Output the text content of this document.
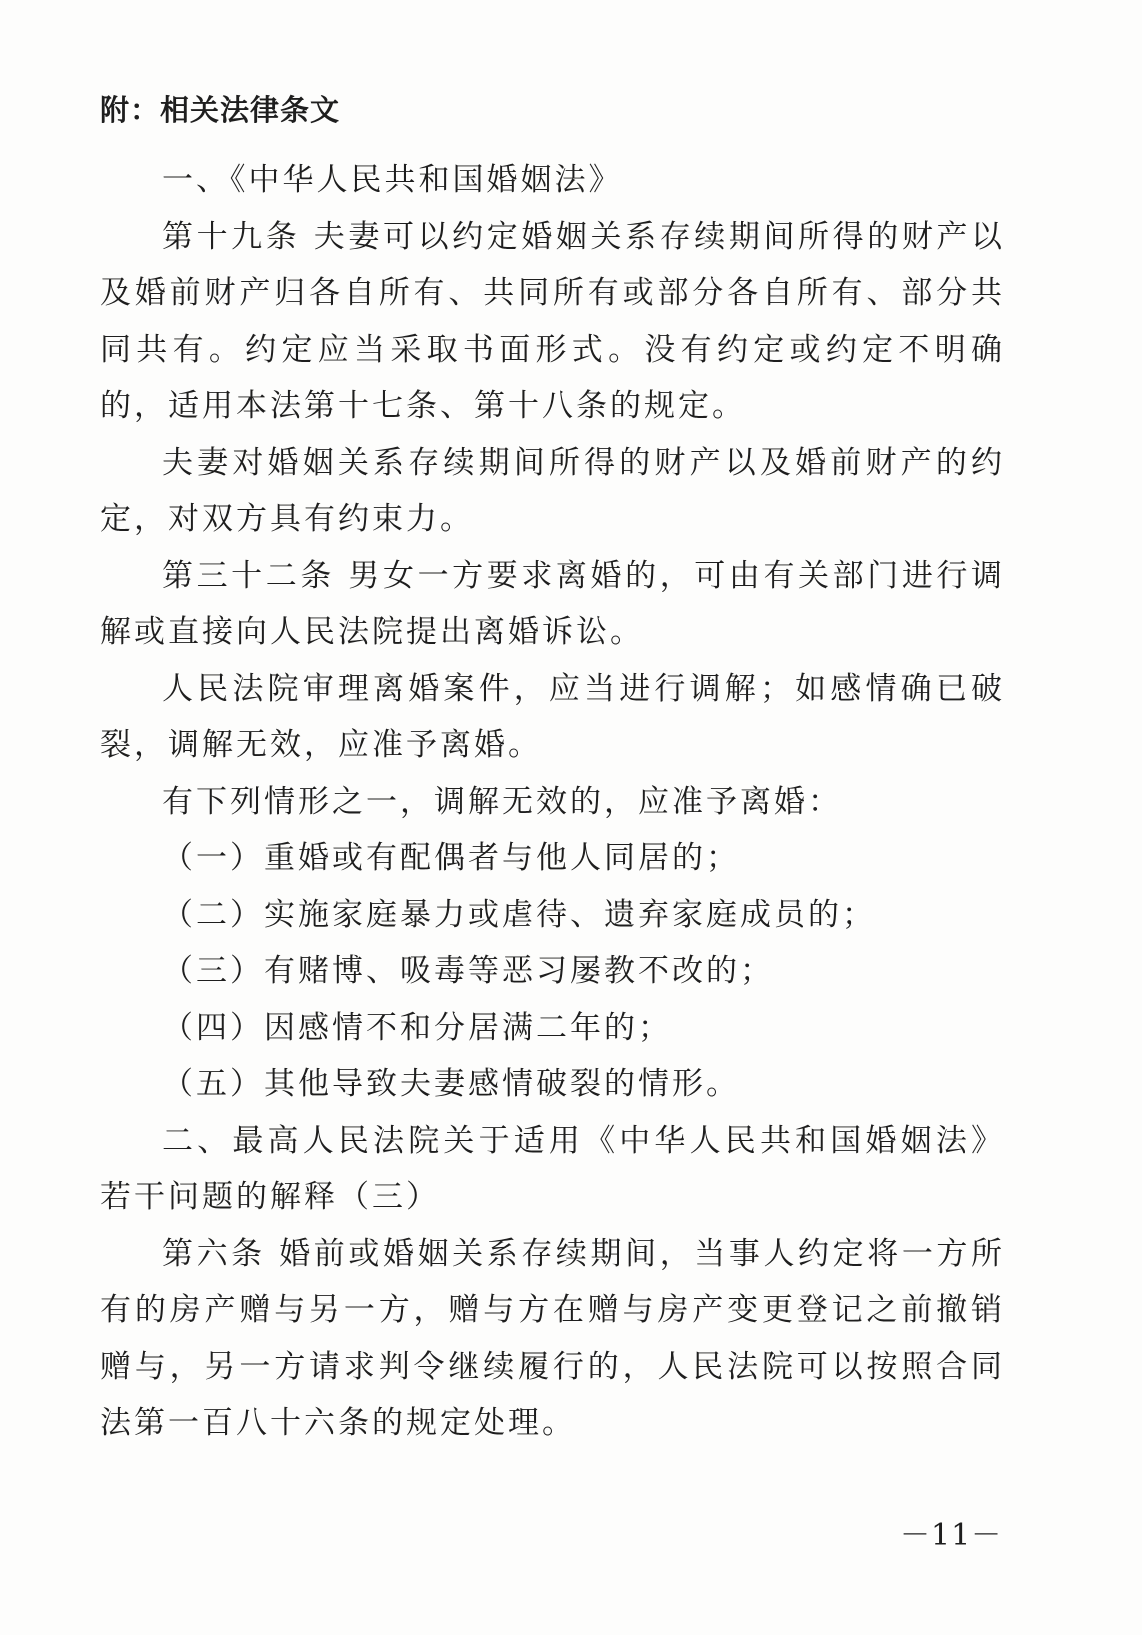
附：相关法律条文

一、《中华人民共和国婚姻法》

第十九条 夫妻可以约定婚姻关系存续期间所得的财产以及婚前财产归各自所有、共同所有或部分各自所有、部分共同共有。约定应当采取书面形式。没有约定或约定不明确的，适用本法第十七条、第十八条的规定。

夫妻对婚姻关系存续期间所得的财产以及婚前财产的约定，对双方具有约束力。

第三十二条 男女一方要求离婚的，可由有关部门进行调解或直接向人民法院提出离婚诉讼。

人民法院审理离婚案件，应当进行调解；如感情确已破裂，调解无效，应准予离婚。

有下列情形之一，调解无效的，应准予离婚：

（一）重婚或有配偶者与他人同居的；

（二）实施家庭暴力或虐待、遗弃家庭成员的；

（三）有赌博、吸毒等恶习屡教不改的；

（四）因感情不和分居满二年的；

（五）其他导致夫妻感情破裂的情形。

二、最高人民法院关于适用《中华人民共和国婚姻法》若干问题的解释（三）

第六条 婚前或婚姻关系存续期间，当事人约定将一方所有的房产赠与另一方，赠与方在赠与房产变更登记之前撤销赠与，另一方请求判令继续履行的，人民法院可以按照合同法第一百八十六条的规定处理。

－11－
